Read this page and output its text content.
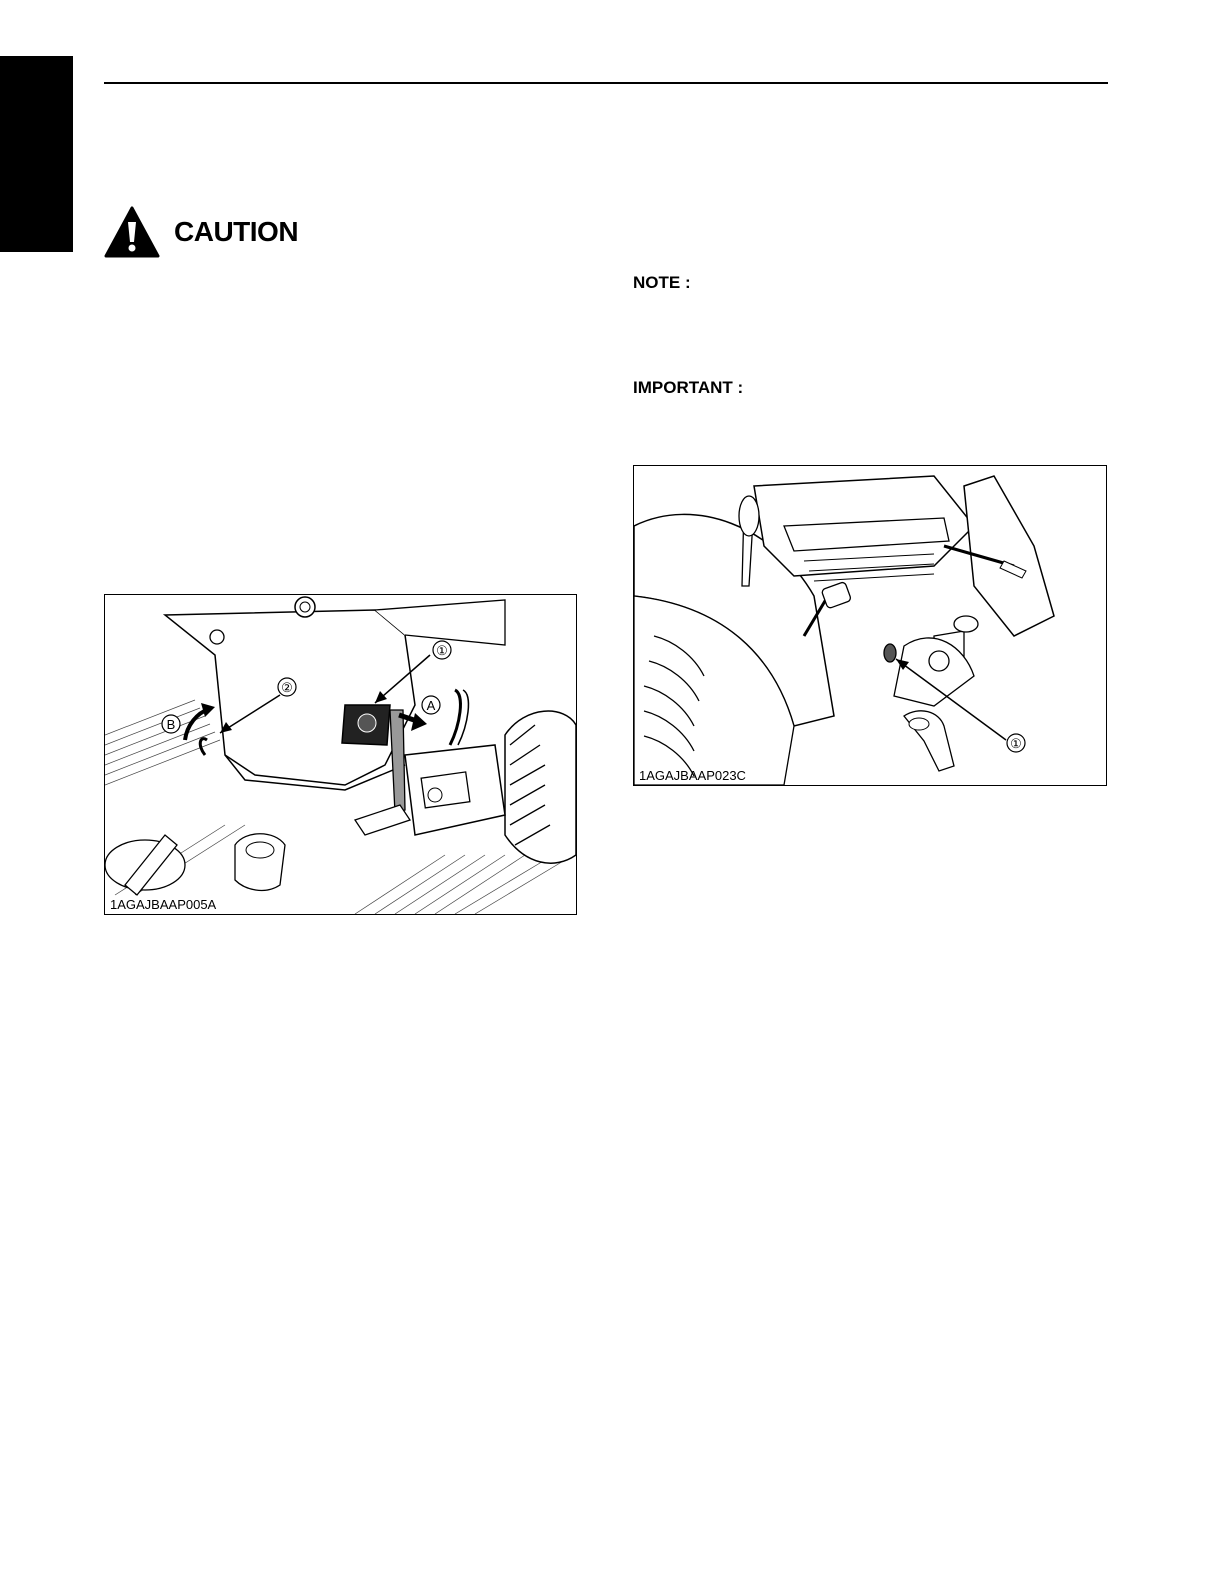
CAUTION
NOTE :
IMPORTANT :
①
②
A
B
1AGAJBAAP005A
①
1AGAJBAAP023C
